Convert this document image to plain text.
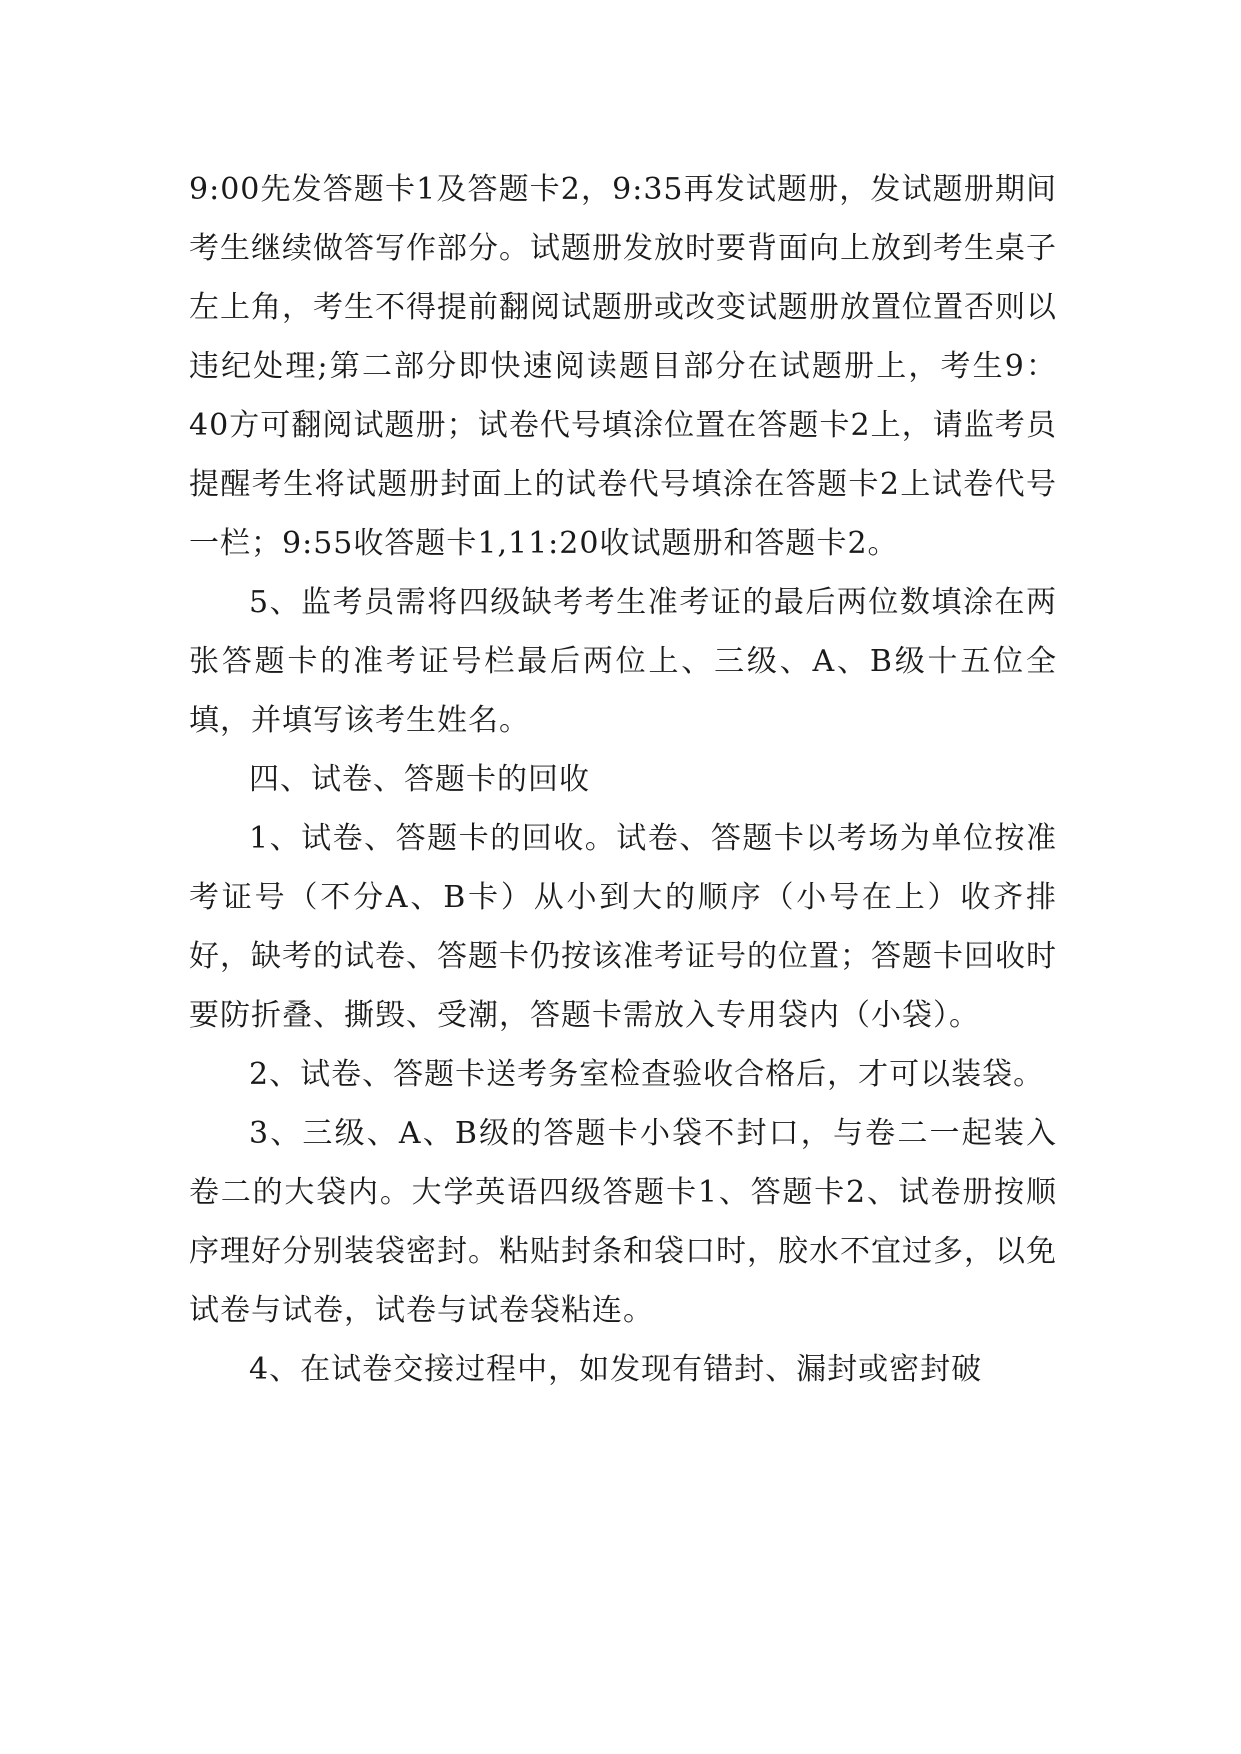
9:00先发答题卡1及答题卡2，9:35再发试题册，发试题册期间考生继续做答写作部分。试题册发放时要背面向上放到考生桌子左上角，考生不得提前翻阅试题册或改变试题册放置位置否则以违纪处理;第二部分即快速阅读题目部分在试题册上，考生9：40方可翻阅试题册；试卷代号填涂位置在答题卡2上，请监考员提醒考生将试题册封面上的试卷代号填涂在答题卡2上试卷代号一栏；9:55收答题卡1,11:20收试题册和答题卡2。

5、监考员需将四级缺考考生准考证的最后两位数填涂在两张答题卡的准考证号栏最后两位上、三级、A、B级十五位全填，并填写该考生姓名。

四、试卷、答题卡的回收

1、试卷、答题卡的回收。试卷、答题卡以考场为单位按准考证号（不分A、B卡）从小到大的顺序（小号在上）收齐排好，缺考的试卷、答题卡仍按该准考证号的位置；答题卡回收时要防折叠、撕毁、受潮，答题卡需放入专用袋内（小袋）。

2、试卷、答题卡送考务室检查验收合格后，才可以装袋。

3、三级、A、B级的答题卡小袋不封口，与卷二一起装入卷二的大袋内。大学英语四级答题卡1、答题卡2、试卷册按顺序理好分别装袋密封。粘贴封条和袋口时，胶水不宜过多，以免试卷与试卷，试卷与试卷袋粘连。

4、在试卷交接过程中，如发现有错封、漏封或密封破
